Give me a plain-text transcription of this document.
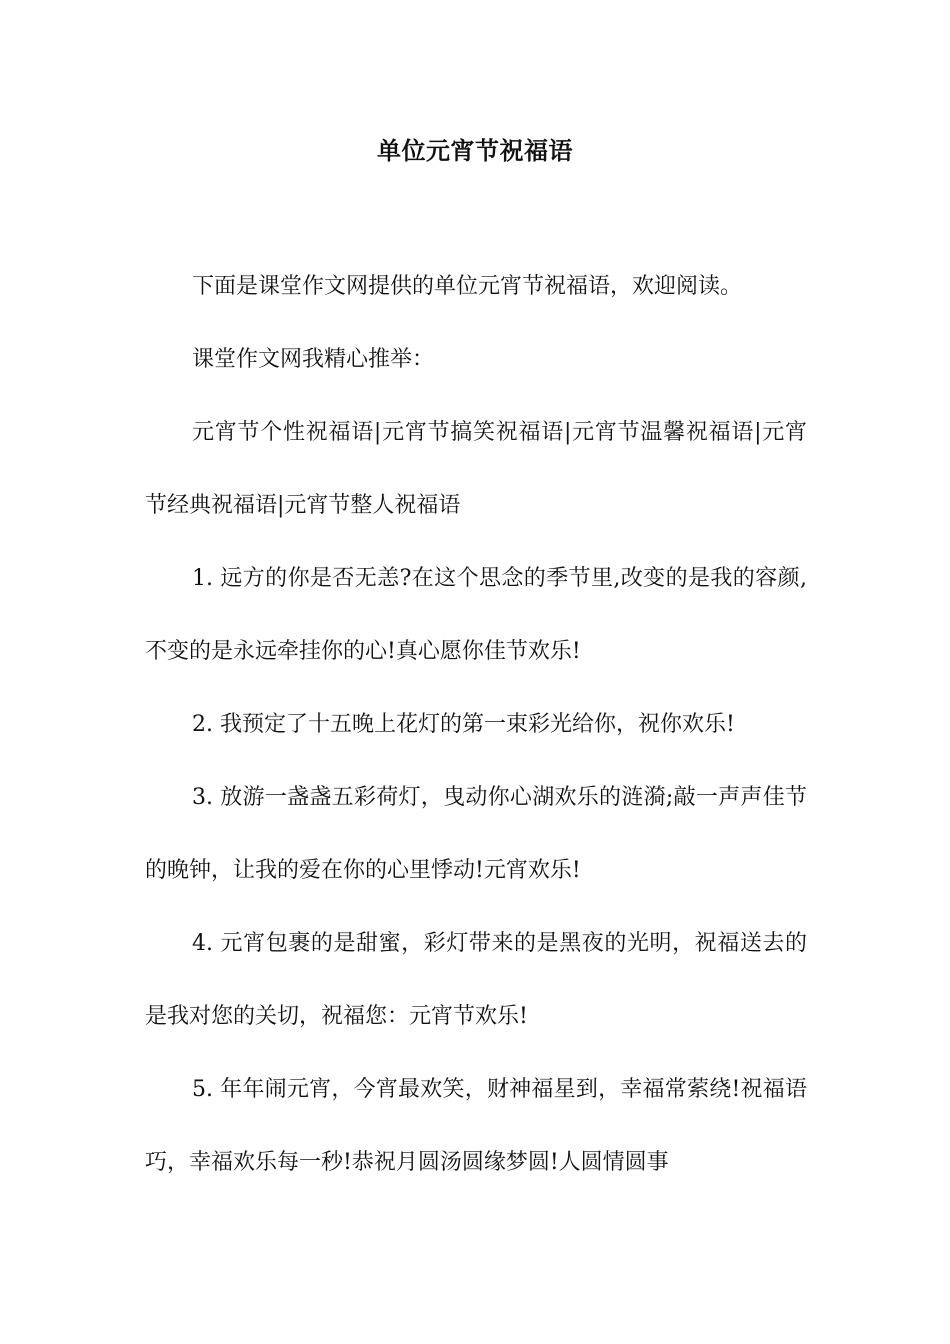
单位元宵节祝福语

下面是课堂作文网提供的单位元宵节祝福语，欢迎阅读。

课堂作文网我精心推举：

元宵节个性祝福语|元宵节搞笑祝福语|元宵节温馨祝福语|元宵节经典祝福语|元宵节整人祝福语

1. 远方的你是否无恙?在这个思念的季节里,改变的是我的容颜,不变的是永远牵挂你的心!真心愿你佳节欢乐!

2. 我预定了十五晚上花灯的第一束彩光给你，祝你欢乐!

3. 放游一盏盏五彩荷灯，曳动你心湖欢乐的涟漪;敲一声声佳节的晚钟，让我的爱在你的心里悸动!元宵欢乐!

4. 元宵包裹的是甜蜜，彩灯带来的是黑夜的光明，祝福送去的是我对您的关切，祝福您：元宵节欢乐!

5. 年年闹元宵，今宵最欢笑，财神福星到，幸福常萦绕!祝福语巧，幸福欢乐每一秒!恭祝月圆汤圆缘梦圆!人圆情圆事
